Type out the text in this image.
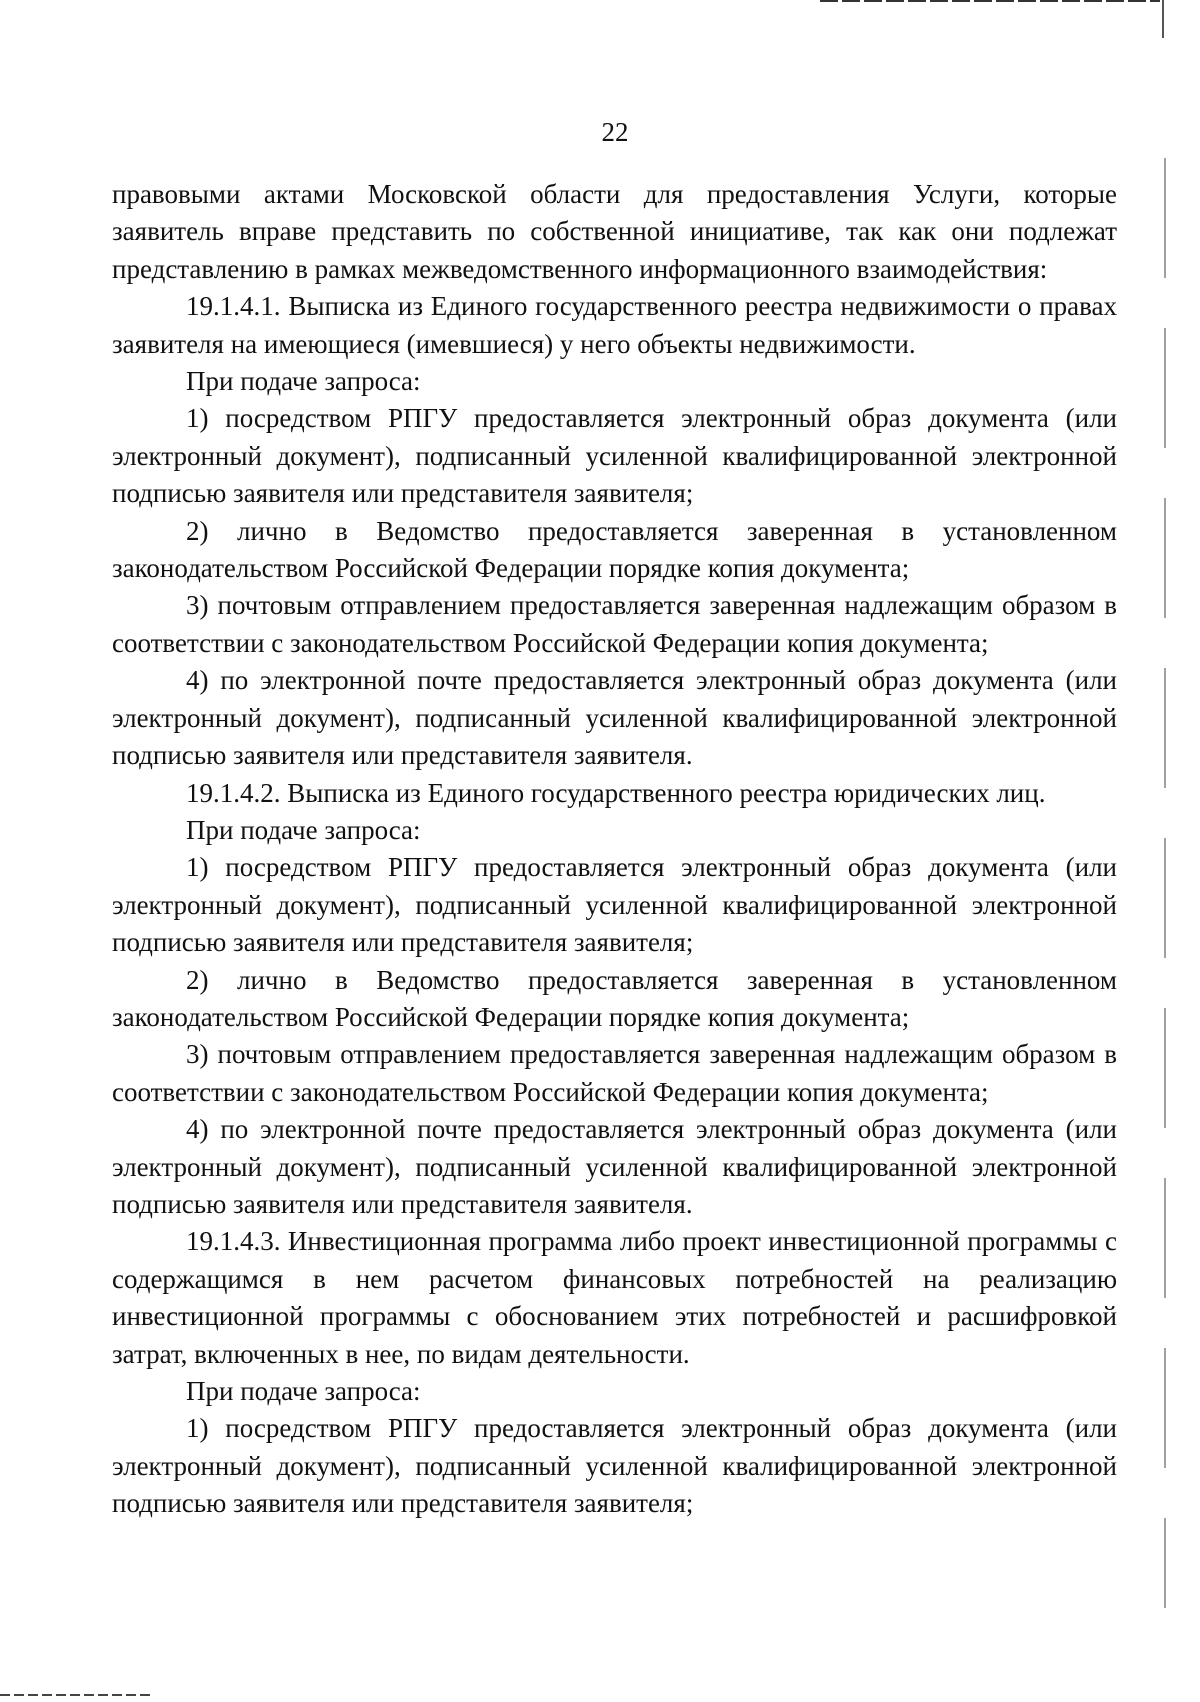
22

правовыми актами Московской области для предоставления Услуги, которые заявитель вправе представить по собственной инициативе, так как они подлежат представлению в рамках межведомственного информационного взаимодействия:

19.1.4.1. Выписка из Единого государственного реестра недвижимости о правах заявителя на имеющиеся (имевшиеся) у него объекты недвижимости.

При подаче запроса:

1) посредством РПГУ предоставляется электронный образ документа (или электронный документ), подписанный усиленной квалифицированной электронной подписью заявителя или представителя заявителя;

2) лично в Ведомство предоставляется заверенная в установленном законодательством Российской Федерации порядке копия документа;

3) почтовым отправлением предоставляется заверенная надлежащим образом в соответствии с законодательством Российской Федерации копия документа;

4) по электронной почте предоставляется электронный образ документа (или электронный документ), подписанный усиленной квалифицированной электронной подписью заявителя или представителя заявителя.

19.1.4.2. Выписка из Единого государственного реестра юридических лиц.

При подаче запроса:

1) посредством РПГУ предоставляется электронный образ документа (или электронный документ), подписанный усиленной квалифицированной электронной подписью заявителя или представителя заявителя;

2) лично в Ведомство предоставляется заверенная в установленном законодательством Российской Федерации порядке копия документа;

3) почтовым отправлением предоставляется заверенная надлежащим образом в соответствии с законодательством Российской Федерации копия документа;

4) по электронной почте предоставляется электронный образ документа (или электронный документ), подписанный усиленной квалифицированной электронной подписью заявителя или представителя заявителя.

19.1.4.3. Инвестиционная программа либо проект инвестиционной программы с содержащимся в нем расчетом финансовых потребностей на реализацию инвестиционной программы с обоснованием этих потребностей и расшифровкой затрат, включенных в нее, по видам деятельности.

При подаче запроса:

1) посредством РПГУ предоставляется электронный образ документа (или электронный документ), подписанный усиленной квалифицированной электронной подписью заявителя или представителя заявителя;
